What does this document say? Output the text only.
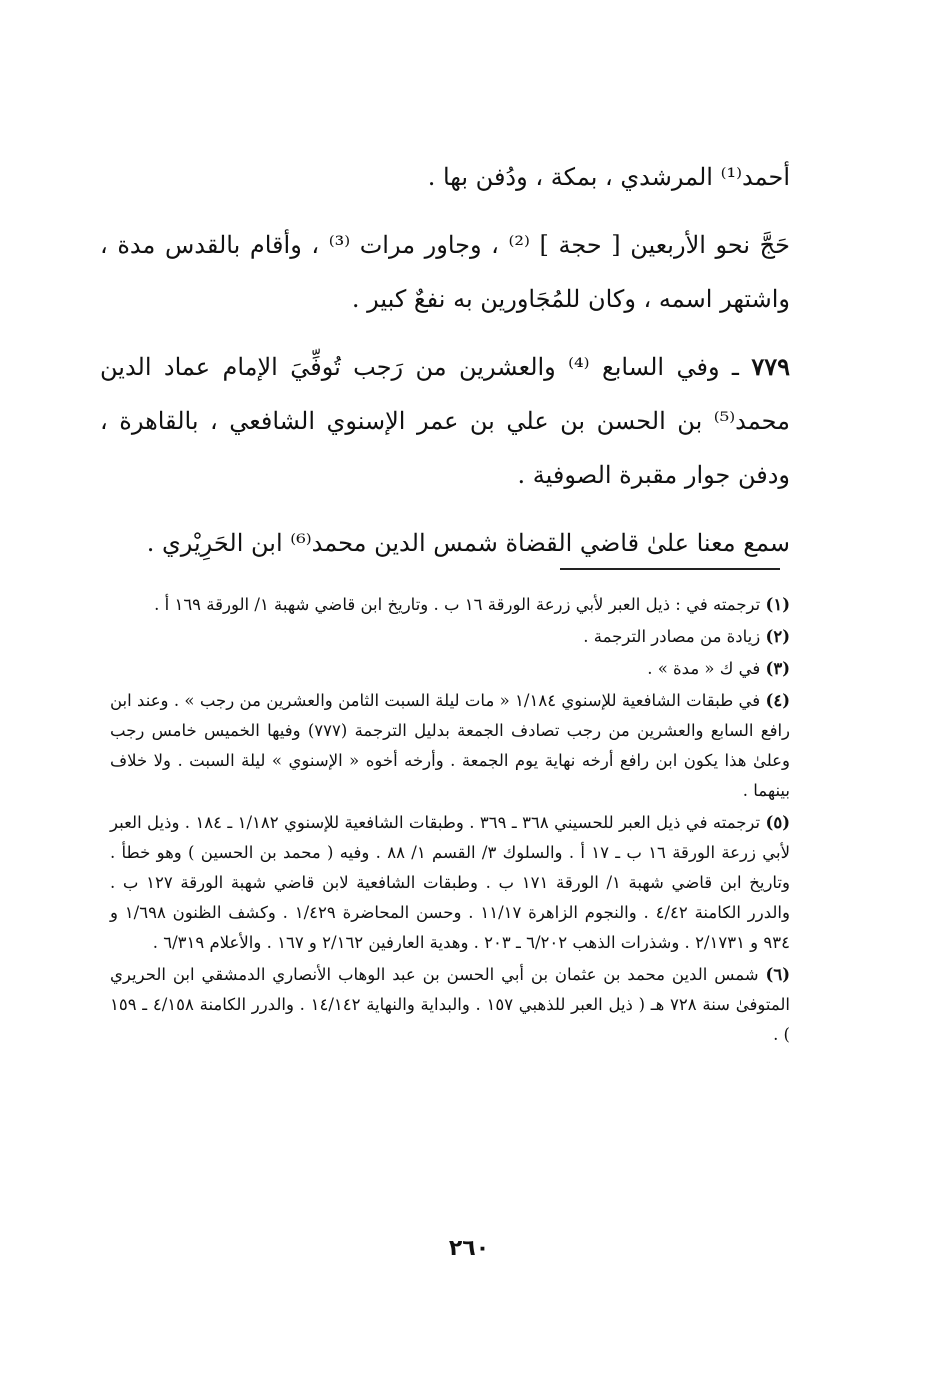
أحمد⁽¹⁾ المرشدي ، بمكة ، ودُفن بها .

حَجَّ نحو الأربعين [ حجة ] ⁽²⁾ ، وجاور مرات ⁽³⁾ ، وأقام بالقدس مدة ، واشتهر اسمه ، وكان للمُجَاورين به نفعٌ كبير .

٧٧٩ ـ وفي السابع ⁽⁴⁾ والعشرين من رَجب تُوفِّيَ الإمام عماد الدين محمد⁽⁵⁾ بن الحسن بن علي بن عمر الإسنوي الشافعي ، بالقاهرة ، ودفن جوار مقبرة الصوفية .

سمع معنا علىٰ قاضي القضاة شمس الدين محمد⁽⁶⁾ ابن الحَرِيْري .

(١) ترجمته في : ذيل العبر لأبي زرعة الورقة ١٦ ب . وتاريخ ابن قاضي شهبة ١/ الورقة ١٦٩ أ .

(٢) زيادة من مصادر الترجمة .

(٣) في ك « مدة » .

(٤) في طبقات الشافعية للإسنوي ١/١٨٤ « مات ليلة السبت الثامن والعشرين من رجب » . وعند ابن رافع السابع والعشرين من رجب تصادف الجمعة بدليل الترجمة (٧٧٧) وفيها الخميس خامس رجب وعلىٰ هذا يكون ابن رافع أرخه نهاية يوم الجمعة . وأرخه أخوه « الإسنوي » ليلة السبت . ولا خلاف بينهما .

(٥) ترجمته في ذيل العبر للحسيني ٣٦٨ ـ ٣٦٩ . وطبقات الشافعية للإسنوي ١/١٨٢ ـ ١٨٤ . وذيل العبر لأبي زرعة الورقة ١٦ ب ـ ١٧ أ . والسلوك ٣/ القسم ١/ ٨٨ . وفيه ( محمد بن الحسين ) وهو خطأ . وتاريخ ابن قاضي شهبة ١/ الورقة ١٧١ ب . وطبقات الشافعية لابن قاضي شهبة الورقة ١٢٧ ب . والدرر الكامنة ٤/٤٢ . والنجوم الزاهرة ١١/١٧ . وحسن المحاضرة ١/٤٢٩ . وكشف الظنون ١/٦٩٨ و ٩٣٤ و ٢/١٧٣١ . وشذرات الذهب ٦/٢٠٢ ـ ٢٠٣ . وهدية العارفين ٢/١٦٢ و ١٦٧ . والأعلام ٦/٣١٩ .

(٦) شمس الدين محمد بن عثمان بن أبي الحسن بن عبد الوهاب الأنصاري الدمشقي ابن الحريري المتوفىٰ سنة ٧٢٨ هـ ( ذيل العبر للذهبي ١٥٧ . والبداية والنهاية ١٤/١٤٢ . والدرر الكامنة ٤/١٥٨ ـ ١٥٩ ) .

٢٦٠
